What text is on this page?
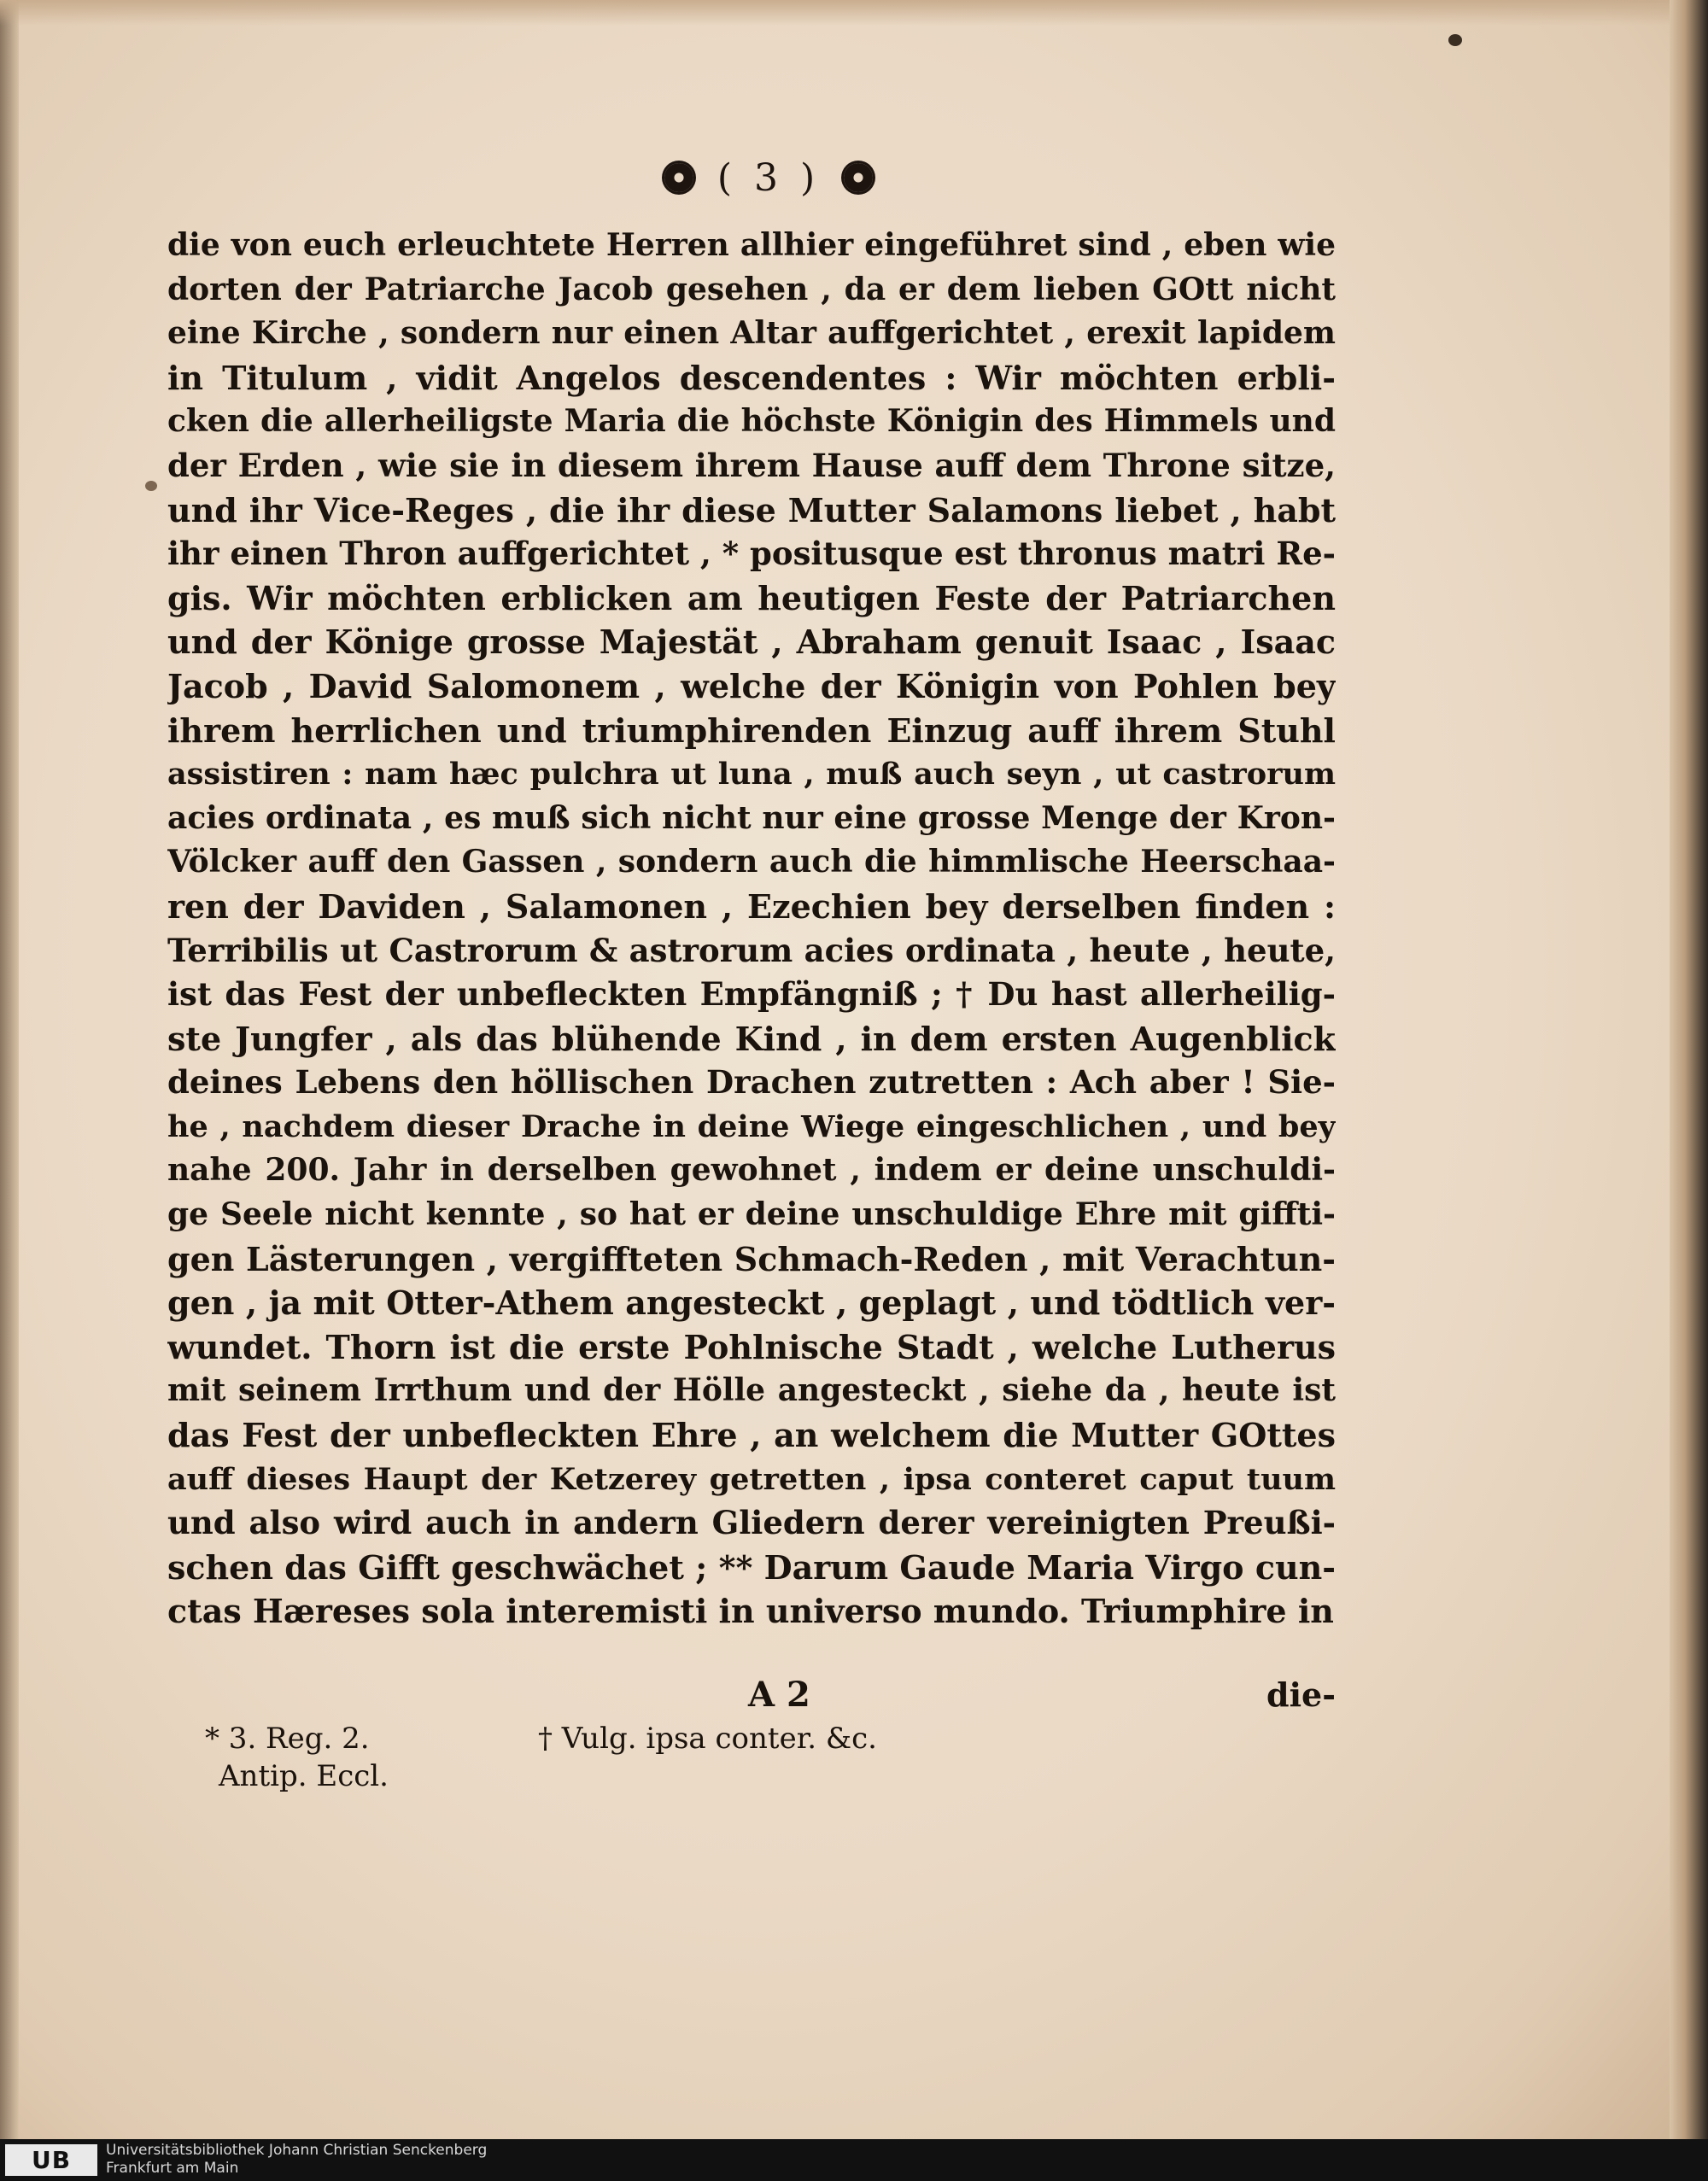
( 3 )
die von euch erleuchtete Herren allhier eingeführet sind , eben wie
dorten der Patriarche Jacob gesehen , da er dem lieben GOtt nicht
eine Kirche , sondern nur einen Altar auffgerichtet , erexit lapidem
in Titulum , vidit Angelos descendentes : Wir möchten erbli-
cken die allerheiligste Maria die höchste Königin des Himmels und
der Erden , wie sie in diesem ihrem Hause auff dem Throne sitze,
und ihr Vice-Reges , die ihr diese Mutter Salamons liebet , habt
ihr einen Thron auffgerichtet , * positusque est thronus matri Re-
gis. Wir möchten erblicken am heutigen Feste der Patriarchen
und der Könige grosse Majestät , Abraham genuit Isaac , Isaac
Jacob , David Salomonem , welche der Königin von Pohlen bey
ihrem herrlichen und triumphirenden Einzug auff ihrem Stuhl
assistiren : nam hæc pulchra ut luna , muß auch seyn , ut castrorum
acies ordinata , es muß sich nicht nur eine grosse Menge der Kron-
Völcker auff den Gassen , sondern auch die himmlische Heerschaa-
ren der Daviden , Salamonen , Ezechien bey derselben finden :
Terribilis ut Castrorum & astrorum acies ordinata , heute , heute,
ist das Fest der unbefleckten Empfängniß ; † Du hast allerheilig-
ste Jungfer , als das blühende Kind , in dem ersten Augenblick
deines Lebens den höllischen Drachen zutretten : Ach aber ! Sie-
he , nachdem dieser Drache in deine Wiege eingeschlichen , und bey
nahe 200. Jahr in derselben gewohnet , indem er deine unschuldi-
ge Seele nicht kennte , so hat er deine unschuldige Ehre mit giffti-
gen Lästerungen , vergiffteten Schmach-Reden , mit Verachtun-
gen , ja mit Otter-Athem angesteckt , geplagt , und tödtlich ver-
wundet. Thorn ist die erste Pohlnische Stadt , welche Lutherus
mit seinem Irrthum und der Hölle angesteckt , siehe da , heute ist
das Fest der unbefleckten Ehre , an welchem die Mutter GOttes
auff dieses Haupt der Ketzerey getretten , ipsa conteret caput tuum
und also wird auch in andern Gliedern derer vereinigten Preußi-
schen das Gifft geschwächet ; ** Darum Gaude Maria Virgo cun-
ctas Hæreses sola interemisti in universo mundo. Triumphire in
A 2	die-
* 3. Reg. 2.	† Vulg. ipsa conter. &c.
Antip. Eccl.
UB	Universitätsbibliothek Johann Christian Senckenberg
Frankfurt am Main
